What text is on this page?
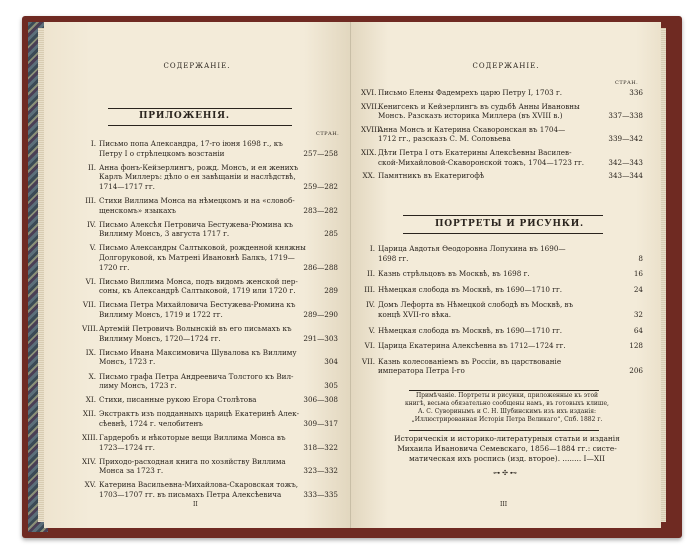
СОДЕРЖАНІЕ.
ПРИЛОЖЕНІЯ.
СТРАН.
I. Письмо попа Александра, 17-го іюня 1698 г., къ
Петру I о стрѣлецкомъ возстаніи	257—258
II. Анна фонъ-Кейзерлингъ, рожд. Монсъ, и ея женихъ
Карлъ Миллеръ: дѣло о ея завѣщаніи и наслѣдствѣ,
1714—1717 гг.	259—282
III. Стихи Виллима Монса на нѣмецкомъ и на «словоб-
щенскомъ» языкахъ	283—282
IV. Письмо Алексѣя Петровича Бестужева-Рюмина къ
Виллиму Монсъ, 3 августа 1717 г.	285
V. Письмо Александры Салтыковой, рожденной княжны
Долгоруковой, къ Матрені Ивановнѣ Балкъ, 1719—
1720 гг.	286—288
VI. Письмо Виллима Монса, подъ видомъ женской пер-
соны, къ Александрѣ Салтыковой, 1719 или 1720 г.	289
VII. Письма Петра Михайловича Бестужева-Рюмина къ
Виллиму Монсъ, 1719 и 1722 гг.	289—290
VIII. Артемій Петровичъ Волынскій въ его письмахъ къ
Виллиму Монсъ, 1720—1724 гг.	291—303
IX. Письмо Ивана Максимовича Шувалова къ Виллиму
Монсъ, 1723 г.	304
X. Письмо графа Петра Андреевича Толстого къ Вил-
лиму Монсъ, 1723 г.	305
XI. Стихи, писанные рукою Егора Столѣтова	306—308
XII. Экстрактъ изъ подданныхъ царицѣ Екатеринѣ Алек-
сѣевнѣ, 1724 г. челобитенъ	309—317
XIII. Гардеробъ и нѣкоторые вещи Виллима Монса въ
1723—1724 гг.	318—322
XIV. Приходо-расходная книга по хозяйству Виллима
Монса за 1723 г.	323—332
XV. Катерина Васильевна-Михайлова-Скаровская тожъ,
1703—1707 гг. въ письмахъ Петра Алексѣевича	333—335
II
СОДЕРЖАНІЕ.
СТРАН.
XVI. Письмо Елены Фадемрехъ царю Петру I, 1703 г.	336
XVII.
Кенигсекъ и Кейзерлингъ въ судьбѣ Анны Ивановны
Монсъ. Разсказъ историка Миллера (въ XVIII в.)	337—338
XVIII.
Анна Монсъ и Катерина Скаворонская въ 1704—
1712 гг., разсказъ С. М. Соловьева	339—342
XIX. Дѣти Петра I отъ Екатерины Алексѣевны Василев-
ской-Михайловой-Скаворонской тожъ, 1704—1723 гг.	342—343
XX. Памятникъ въ Екатеригофѣ	343—344
ПОРТРЕТЫ И РИСУНКИ.
I. Царица Авдотья Ѳеодоровна Лопухина въ 1690—
1698 гг.	8
II. Казнь стрѣльцовъ въ Москвѣ, въ 1698 г.	16
III. Нѣмецкая слобода въ Москвѣ, въ 1690—1710 гг.	24
IV. Домъ Лефорта въ Нѣмецкой слободѣ въ Москвѣ, въ
концѣ XVII-го вѣка.	32
V. Нѣмецкая слобода въ Москвѣ, въ 1690—1710 гг.	64
VI. Царица Екатерина Алексѣевна въ 1712—1724 гг.	128
VII. Казнь колесованіемъ въ Россіи, въ царствованіе
императора Петра I-го	206
Примѣчаніе. Портреты и рисунки, приложенные къ этой
книгѣ, весьма обязательно сообщены намъ, въ готовыхъ клише,
А. С. Суворинымъ и С. Н. Шубинскимъ изъ ихъ изданія:
„Иллюстрированная Исторія Петра Великаго“, Спб. 1882 г.
Историческія и историко-литературныя статьи и изданія
Михаила Ивановича Семевскаго, 1856—1884 гг.: систе-
матическая ихъ роспись (изд. второе). ........ I—XII
⊶✣⊷
III
